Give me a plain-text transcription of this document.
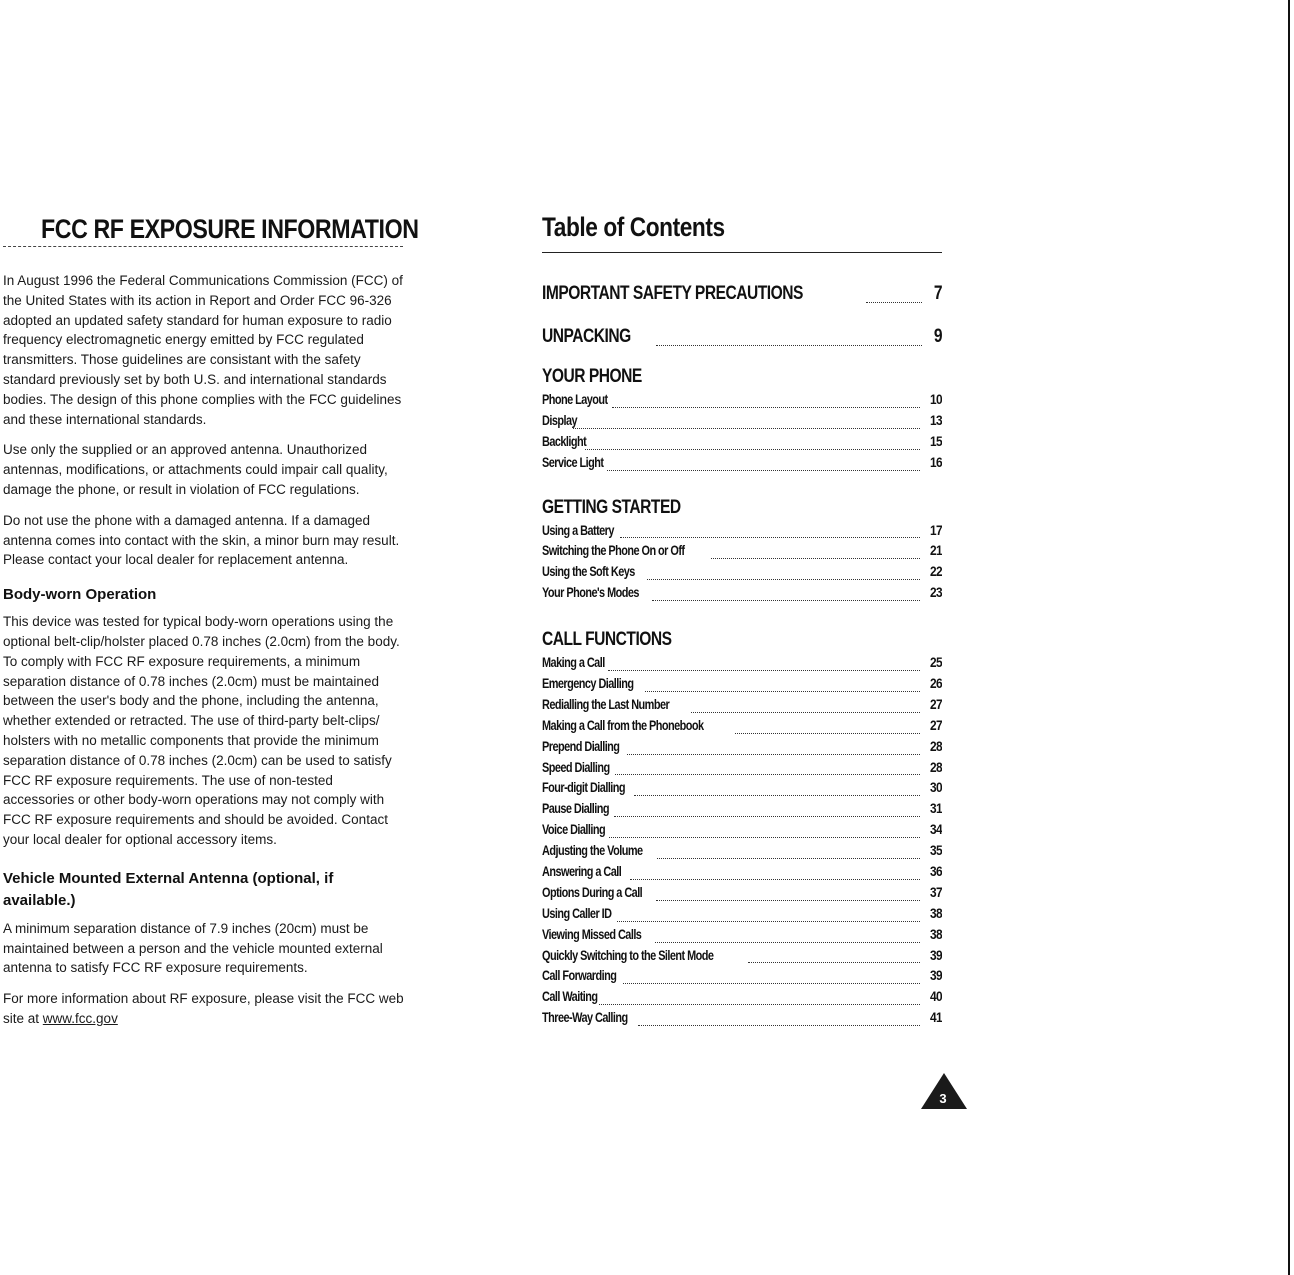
FCC RF EXPOSURE INFORMATION

In August 1996 the Federal Communications Commission (FCC) of the United States with its action in Report and Order FCC 96-326 adopted an updated safety standard for human exposure to radio frequency electromagnetic energy emitted by FCC regulated transmitters. Those guidelines are consistant with the safety standard previously set by both U.S. and international standards bodies. The design of this phone complies with the FCC guidelines and these international standards.

Use only the supplied or an approved antenna. Unauthorized antennas, modifications, or attachments could impair call quality, damage the phone, or result in violation of FCC regulations.

Do not use the phone with a damaged antenna. If a damaged antenna comes into contact with the skin, a minor burn may result. Please contact your local dealer for replacement antenna.

Body-worn Operation

This device was tested for typical body-worn operations using the optional belt-clip/holster placed 0.78 inches (2.0cm) from the body. To comply with FCC RF exposure requirements, a minimum separation distance of 0.78 inches (2.0cm) must be maintained between the user's body and the phone, including the antenna, whether extended or retracted. The use of third-party belt-clips/ holsters with no metallic components that provide the minimum separation distance of 0.78 inches (2.0cm) can be used to satisfy FCC RF exposure requirements. The use of non-tested accessories or other body-worn operations may not comply with FCC RF exposure requirements and should be avoided. Contact your local dealer for optional accessory items.

Vehicle Mounted External Antenna (optional, if available.)

A minimum separation distance of 7.9 inches (20cm) must be maintained between a person and the vehicle mounted external antenna to satisfy FCC RF exposure requirements.

For more information about RF exposure, please visit the FCC web site at www.fcc.gov

Table of Contents
IMPORTANT SAFETY PRECAUTIONS	7
UNPACKING	9
YOUR PHONE
Phone Layout	10
Display	13
Backlight	15
Service Light	16
GETTING STARTED
Using a Battery	17
Switching the Phone On or Off	21
Using the Soft Keys	22
Your Phone's Modes	23
CALL FUNCTIONS
Making a Call	25
Emergency Dialling	26
Redialling the Last Number	27
Making a Call from the Phonebook	27
Prepend Dialling	28
Speed Dialling	28
Four-digit Dialling	30
Pause Dialling	31
Voice Dialling	34
Adjusting the Volume	35
Answering a Call	36
Options During a Call	37
Using Caller ID	38
Viewing Missed Calls	38
Quickly Switching to the Silent Mode	39
Call Forwarding	39
Call Waiting	40
Three-Way Calling	41
3
